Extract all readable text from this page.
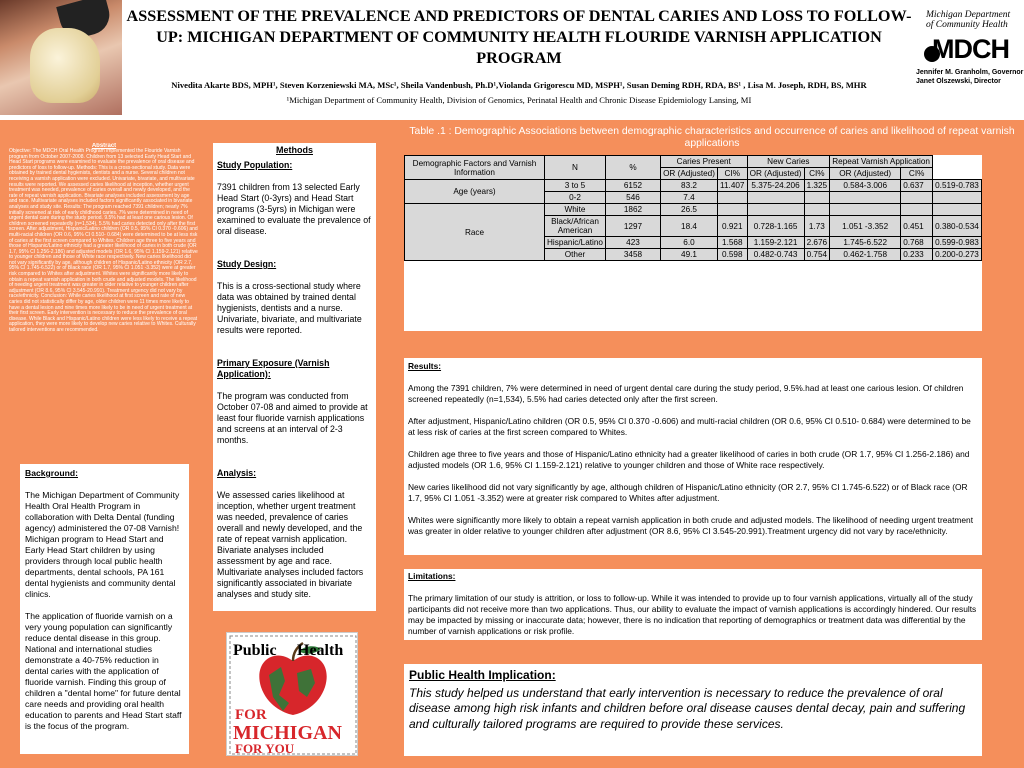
ASSESSMENT OF THE PREVALENCE AND PREDICTORS OF DENTAL CARIES AND LOSS TO FOLLOW-UP: MICHIGAN DEPARTMENT OF COMMUNITY HEALTH FLOURIDE VARNISH APPLICATION PROGRAM
Nivedita Akarte BDS, MPH¹, Steven Korzeniewski MA, MSc¹, Sheila Vandenbush, Ph.D¹,Violanda Grigorescu MD, MSPH¹, Susan Deming RDH, RDA, BS¹ , Lisa M. Joseph, RDH, BS, MHR
¹Michigan Department of Community Health, Division of Genomics, Perinatal Health and Chronic Disease Epidemiology Lansing, MI
Michigan Department
of Community Health
MDCH
Jennifer M. Granholm, Governor
Janet Olszewski, Director
Abstract
Objective: The MDCH Oral Health Program implemented the Flouride Varnish program from October 2007-2008. Children from 13 selected Early Head Start and Head Start programs were examined to evaluate the prevalence of oral disease and predictors of loss to follow-up. Methods: This is a cross-sectional study. Data were obtained by trained dental hygienists, dentists and a nurse. Several children not receiving a varnish application were excluded. Univariate, bivariate, and multivariate results were reported. We assessed caries likelihood at inception, whether urgent treatment was needed, prevalence of caries overall and newly developed, and the rate of repeat varnish application. Bivariate analyses included assessment by age and race. Multivariate analyses included factors significantly associated in bivariate analyses and study site. Results: The program reached 7391 children; nearly 7% initially screened at risk of early childhood caries. 7% were determined in need of urgent dental care during the study period. 9.5% had at least one carious lesion. Of children screened repeatedly (n=1,534), 5.5% had caries detected only after the first screen. After adjustment, Hispanic/Latino children (OR 0.5, 95% CI 0.370 -0.606) and multi-racial children (OR 0.6, 95% CI 0.510- 0.684) were determined to be at less risk of caries at the first screen compared to Whites. Children age three to five years and those of Hispanic/Latino ethnicity had a greater likelihood of caries in both crude (OR 1.7, 95% CI 1.256-2.186) and adjusted models (OR 1.6, 95% CI 1.159-2.121) relative to younger children and those of White race respectively. New caries likelihood did not vary significantly by age, although children of Hispanic/Latino ethnicity (OR 2.7, 95% CI 1.745-6.522) or of Black race (OR 1.7, 95% CI 1.051 -3.352) were at greater risk compared to Whites after adjustment. Whites were significantly more likely to obtain a repeat varnish application in both crude and adjusted models. The likelihood of needing urgent treatment was greater in older relative to younger children after adjustment (OR 8.6, 95% CI 3.545-20.991). Treatment urgency did not vary by race/ethnicity. Conclusion: While caries likelihood at first screen and rate of new caries did not statistically differ by age, older children were 11 times more likely to have a dental lesion and nine times more likely to be in need of urgent treatment at their first screen. Early intervention is necessary to reduce the prevalence of oral disease. While Black and Hispanic/Latino children were less likely to receive a repeat application, they were more likely to develop new caries relative to Whites. Culturally tailored interventions are recommended.

Background:

The Michigan Department of Community Health Oral Health Program in collaboration with Delta Dental (funding agency) administered the 07-08 Varnish! Michigan program to Head Start and Early Head Start children by using providers through local public health departments, dental schools, PA 161 dental hygienists and community dental clinics.

The application of fluoride varnish on a very young population can significantly reduce dental disease in this group. National and international studies demonstrate a 40-75% reduction in dental caries with the application of fluoride varnish. Finding this group of children a "dental home" for future dental care needs and providing oral health education to parents and Head Start staff is the focus of the program.

Methods

Study Population:

7391 children from 13 selected Early Head Start (0-3yrs) and Head Start programs (3-5yrs) in Michigan were examined to evaluate the prevalence of oral disease.

Study Design:

This is a cross-sectional study where data was obtained by trained dental hygienists, dentists and a nurse. Univariate, bivariate, and multivariate results were reported.

Primary Exposure (Varnish Application):

The program was conducted from October 07-08 and aimed to provide at least four fluoride varnish applications and screens at an interval of 2-3 months.

Analysis:

We assessed caries likelihood at inception, whether urgent treatment was needed, prevalence of caries overall and newly developed, and the rate of repeat varnish application. Bivariate analyses included assessment by age and race. Multivariate analyses included factors significantly associated in bivariate analyses and study site.

Public Health
FOR
MICHIGAN
FOR YOU
Table .1 : Demographic Associations between demographic characteristics and occurrence of caries and likelihood of repeat varnish applications
Demographic Factors and Varnish Information	N	%	Caries Present		New Caries		Repeat Varnish Application		
			OR (Adjusted)	CI%	OR (Adjusted)	CI%	OR (Adjusted)	CI%	
Age (years)	3 to 5	6152	83.2	11.407	5.375-24.206	1.325	0.584-3.006	0.637	0.519-0.783
	0-2	546	7.4						
Race	White	1862	26.5						
	Black/African American	1297	18.4	0.921	0.728-1.165	1.73	1.051 -3.352	0.451	0.380-0.534
	Hispanic/Latino	423	6.0	1.568	1.159-2.121	2.676	1.745-6.522	0.768	0.599-0.983
	Other	3458	49.1	0.598	0.482-0.743	0.754	0.462-1.758	0.233	0.200-0.273

Results:

Among the 7391 children, 7% were determined in need of urgent dental care during the study period, 9.5%.had at least one carious lesion. Of children screened repeatedly (n=1,534), 5.5% had caries detected only after the first screen.

After adjustment, Hispanic/Latino children (OR 0.5, 95% CI 0.370 -0.606) and multi-racial children (OR 0.6, 95% CI 0.510- 0.684) were determined to be at less risk of caries at the first screen compared to Whites.

Children age three to five years and those of Hispanic/Latino ethnicity had a greater likelihood of caries in both crude (OR 1.7, 95% CI 1.256-2.186) and adjusted models (OR 1.6, 95% CI 1.159-2.121) relative to younger children and those of White race respectively.

New caries likelihood did not vary significantly by age, although children of Hispanic/Latino ethnicity (OR 2.7, 95% CI 1.745-6.522) or of Black race (OR 1.7, 95% CI 1.051 -3.352) were at greater risk compared to Whites after adjustment.

Whites were significantly more likely to obtain a repeat varnish application in both crude and adjusted models. The likelihood of needing urgent treatment was greater in older relative to younger children after adjustment (OR 8.6, 95% CI 3.545-20.991).Treatment urgency did not vary by race/ethnicity.

Limitations:

The primary limitation of our study is attrition, or loss to follow-up. While it was intended to provide up to four varnish applications, virtually all of the study participants did not receive more than two applications. Thus, our ability to evaluate the impact of varnish applications is accordingly hindered. Our results may be impacted by missing or inaccurate data; however, there is no indication that reporting of demographics or treatment data was differential by the number of varnish applications or risk profile.

Public Health Implication:

This study helped us understand that early intervention is necessary to reduce the prevalence of oral disease among high risk infants and children before oral disease causes dental decay, pain and suffering and culturally tailored programs are required to provide these services.
